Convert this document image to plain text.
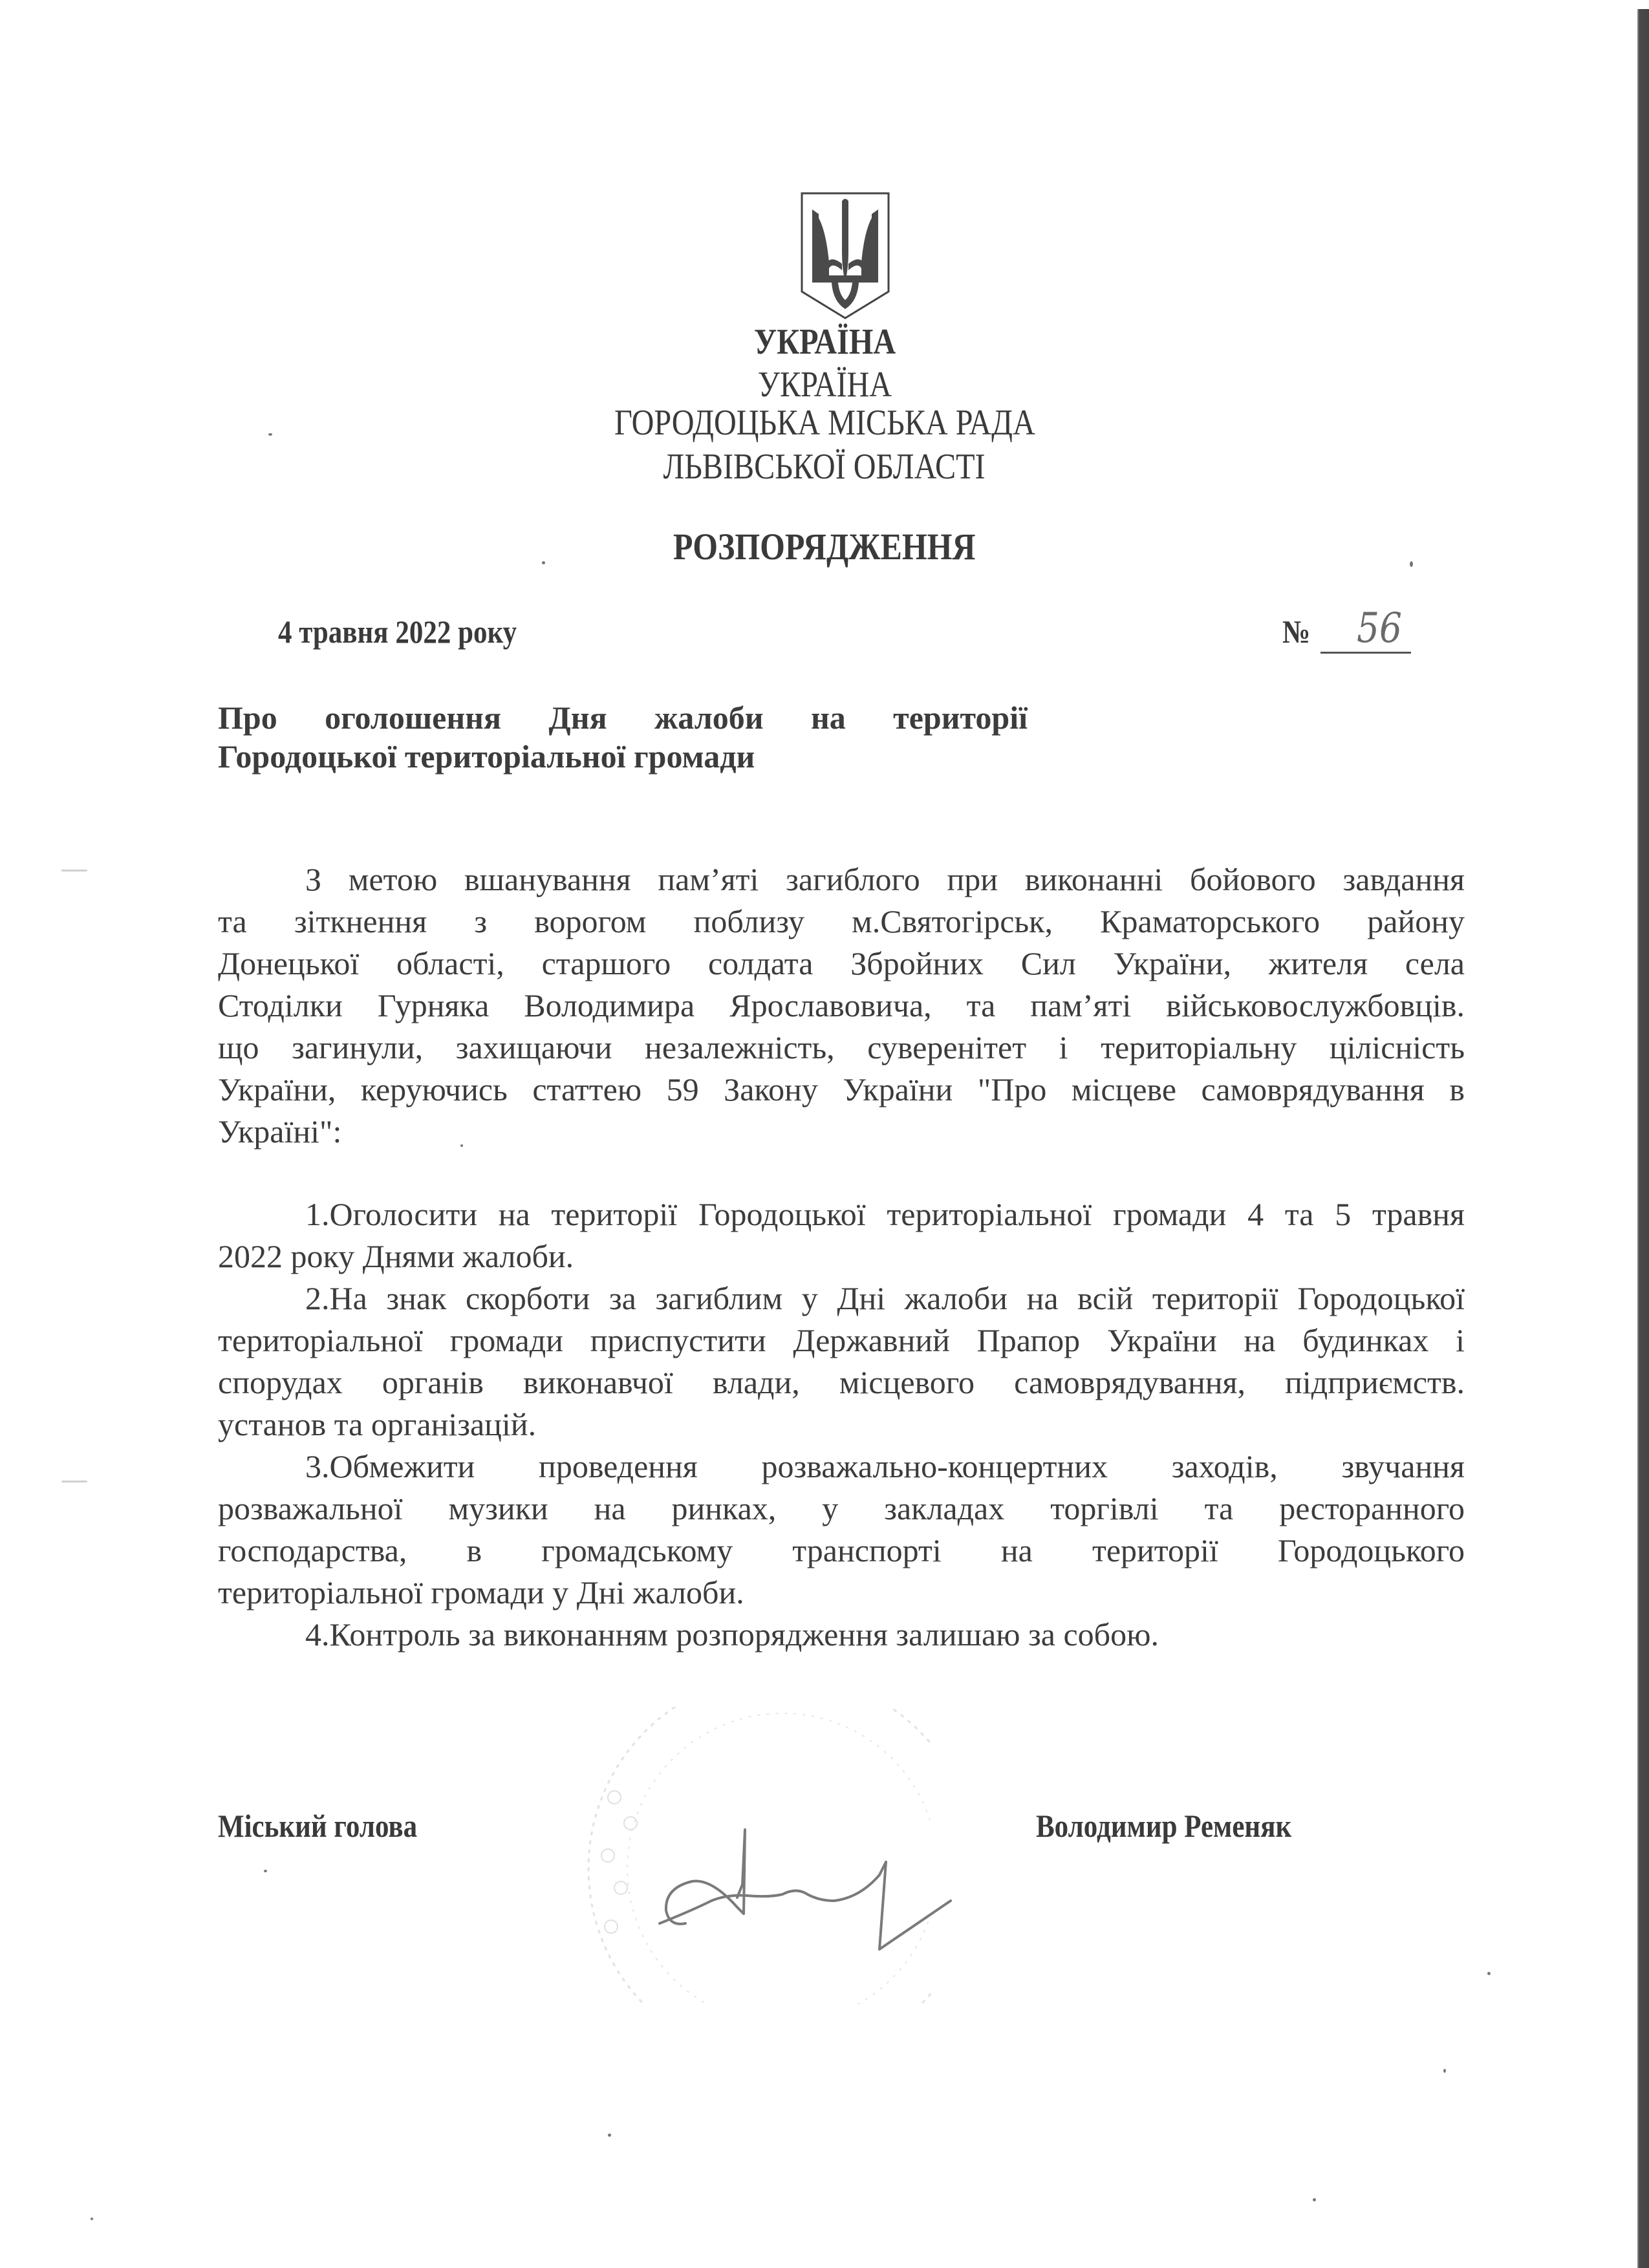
УКРАЇНА
УКРАЇНА
ГОРОДОЦЬКА МІСЬКА РАДА
ЛЬВІВСЬКОЇ ОБЛАСТІ
РОЗПОРЯДЖЕННЯ
4 травня 2022 року	№ 56
Про оголошення Дня жалоби на території
Городоцької територіальної громади
З метою вшанування пам’яті загиблого при виконанні бойового завдання
та зіткнення з ворогом поблизу м.Святогірськ, Краматорського району
Донецької області, старшого солдата Збройних Сил України, жителя села
Стоділки Гурняка Володимира Ярославовича, та пам’яті військовослужбовців.
що загинули, захищаючи незалежність, суверенітет і територіальну цілісність
України, керуючись статтею 59 Закону України "Про місцеве самоврядування в
Україні":
1.Оголосити на території Городоцької територіальної громади 4 та 5 травня
2022 року Днями жалоби.
2.На знак скорботи за загиблим у Дні жалоби на всій території Городоцької
територіальної громади приспустити Державний Прапор України на будинках і
спорудах органів виконавчої влади, місцевого самоврядування, підприємств.
установ та організацій.
3.Обмежити проведення розважально-концертних заходів, звучання
розважальної музики на ринках, у закладах торгівлі та ресторанного
господарства, в громадському транспорті на території Городоцького
територіальної громади у Дні жалоби.
4.Контроль за виконанням розпорядження залишаю за собою.
Міський голова	Володимир Ременяк
